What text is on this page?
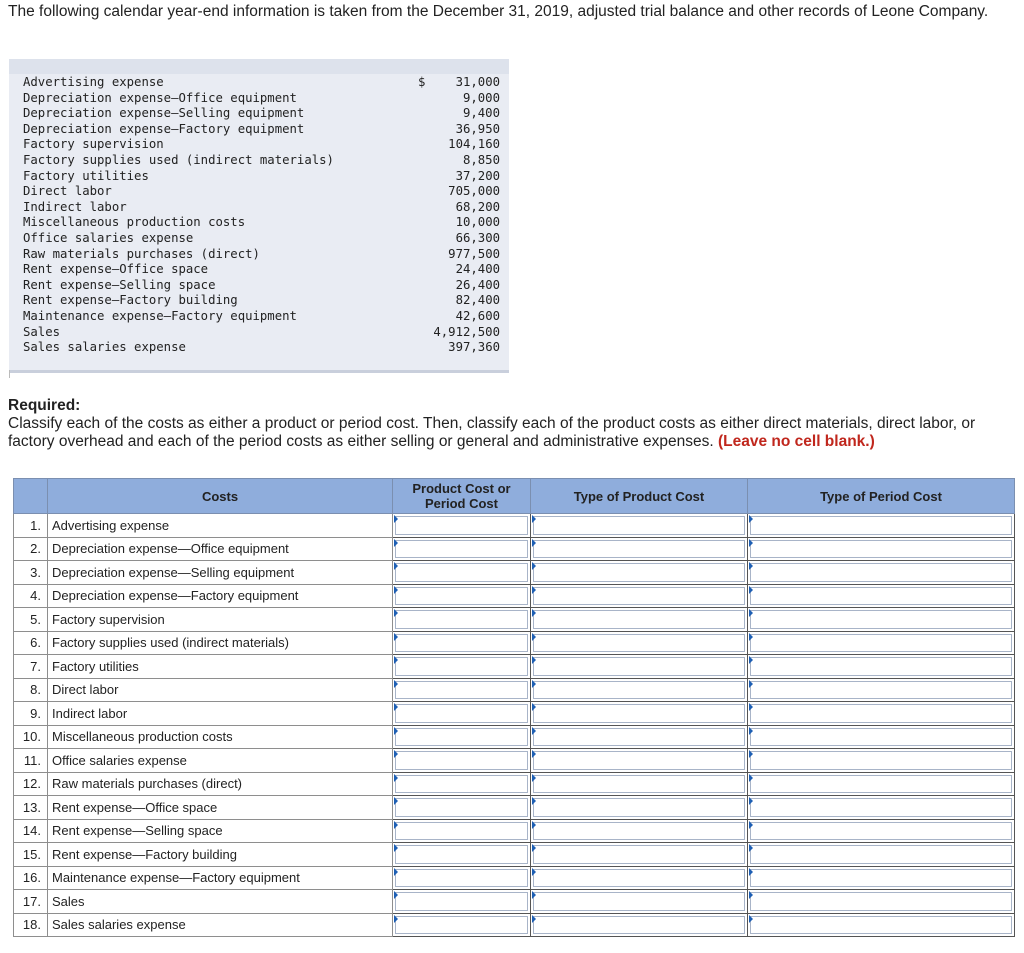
The following calendar year-end information is taken from the December 31, 2019, adjusted trial balance and other records of Leone Company.
Advertising expense	$ 31,000
Depreciation expense—Office equipment	9,000
Depreciation expense—Selling equipment	9,400
Depreciation expense—Factory equipment	36,950
Factory supervision	104,160
Factory supplies used (indirect materials)	8,850
Factory utilities	37,200
Direct labor	705,000
Indirect labor	68,200
Miscellaneous production costs	10,000
Office salaries expense	66,300
Raw materials purchases (direct)	977,500
Rent expense—Office space	24,400
Rent expense—Selling space	26,400
Rent expense—Factory building	82,400
Maintenance expense—Factory equipment	42,600
Sales	4,912,500
Sales salaries expense	397,360
Required:
Classify each of the costs as either a product or period cost. Then, classify each of the product costs as either direct materials, direct labor, or factory overhead and each of the period costs as either selling or general and administrative expenses. (Leave no cell blank.)
	Costs	Product Cost or Period Cost	Type of Product Cost	Type of Period Cost
1.	Advertising expense	

2.	Depreciation expense—Office equipment	

3.	Depreciation expense—Selling equipment	

4.	Depreciation expense—Factory equipment	

5.	Factory supervision	

6.	Factory supplies used (indirect materials)	

7.	Factory utilities	

8.	Direct labor	

9.	Indirect labor	

10.	Miscellaneous production costs	

11.	Office salaries expense	

12.	Raw materials purchases (direct)	

13.	Rent expense—Office space	

14.	Rent expense—Selling space	

15.	Rent expense—Factory building	

16.	Maintenance expense—Factory equipment	

17.	Sales	

18.	Sales salaries expense	
